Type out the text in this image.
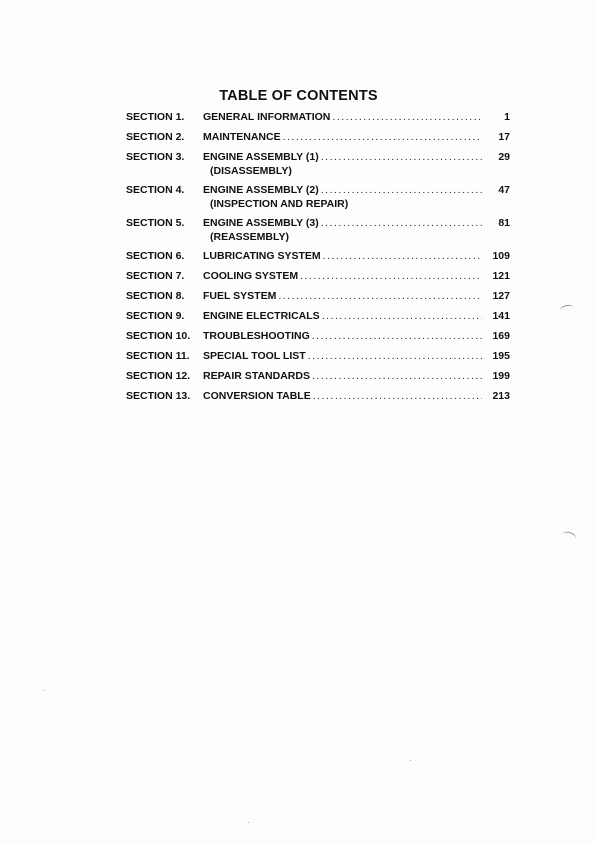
TABLE OF CONTENTS
SECTION 1.	GENERAL INFORMATION .....	1
SECTION 2.	MAINTENANCE .....	17
SECTION 3.	ENGINE ASSEMBLY (1) .....	29
(DISASSEMBLY)
SECTION 4.	ENGINE ASSEMBLY (2) .....	47
(INSPECTION AND REPAIR)
SECTION 5.	ENGINE ASSEMBLY (3) .....	81
(REASSEMBLY)
SECTION 6.	LUBRICATING SYSTEM .....	109
SECTION 7.	COOLING SYSTEM .....	121
SECTION 8.	FUEL SYSTEM .....	127
SECTION 9.	ENGINE ELECTRICALS .....	141
SECTION 10.	TROUBLESHOOTING .....	169
SECTION 11.	SPECIAL TOOL LIST .....	195
SECTION 12.	REPAIR STANDARDS .....	199
SECTION 13.	CONVERSION TABLE .....	213
